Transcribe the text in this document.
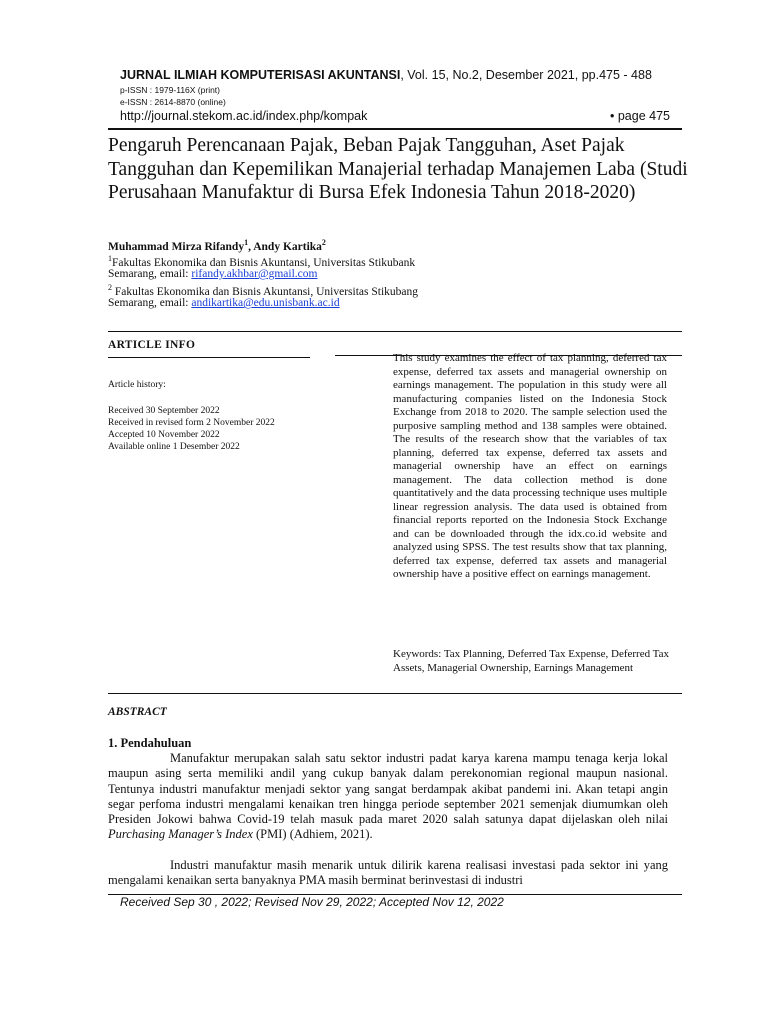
JURNAL ILMIAH KOMPUTERISASI AKUNTANSI, Vol. 15, No.2, Desember 2021, pp.475 - 488
p-ISSN : 1979-116X (print)
e-ISSN : 2614-8870 (online)
http://journal.stekom.ac.id/index.php/kompak	• page 475
Pengaruh Perencanaan Pajak, Beban Pajak Tangguhan, Aset Pajak Tangguhan dan Kepemilikan Manajerial terhadap Manajemen Laba (Studi Perusahaan Manufaktur di Bursa Efek Indonesia Tahun 2018-2020)
Muhammad Mirza Rifandy$^1$, Andy Kartika$^2$
$^1$Fakultas Ekonomika dan Bisnis Akuntansi, Universitas Stikubank
Semarang, email: rifandy.akhbar@gmail.com
$^2$ Fakultas Ekonomika dan Bisnis Akuntansi, Universitas Stikubang
Semarang, email: andikartika@edu.unisbank.ac.id
ARTICLE INFO
Article history:
Received 30 September 2022
Received in revised form 2 November 2022
Accepted 10 November 2022
Available online 1 Desember 2022
This study examines the effect of tax planning, deferred tax expense, deferred tax assets and managerial ownership on earnings management. The population in this study were all manufacturing companies listed on the Indonesia Stock Exchange from 2018 to 2020. The sample selection used the purposive sampling method and 138 samples were obtained. The results of the research show that the variables of tax planning, deferred tax expense, deferred tax assets and managerial ownership have an effect on earnings management. The data collection method is done quantitatively and the data processing technique uses multiple linear regression analysis. The data used is obtained from financial reports reported on the Indonesia Stock Exchange and can be downloaded through the idx.co.id website and analyzed using SPSS. The test results show that tax planning, deferred tax expense, deferred tax assets and managerial ownership have a positive effect on earnings management.
Keywords: Tax Planning, Deferred Tax Expense, Deferred Tax Assets, Managerial Ownership, Earnings Management
ABSTRACT
1. Pendahuluan
Manufaktur merupakan salah satu sektor industri padat karya karena mampu tenaga kerja lokal maupun asing serta memiliki andil yang cukup banyak dalam perekonomian regional maupun nasional. Tentunya industri manufaktur menjadi sektor yang sangat berdampak akibat pandemi ini. Akan tetapi angin segar perfoma industri mengalami kenaikan tren hingga periode september 2021 semenjak diumumkan oleh Presiden Jokowi bahwa Covid-19 telah masuk pada maret 2020 salah satunya dapat dijelaskan oleh nilai Purchasing Manager’s Index (PMI) (Adhiem, 2021).
Industri manufaktur masih menarik untuk dilirik karena realisasi investasi pada sektor ini yang mengalami kenaikan serta banyaknya PMA masih berminat berinvestasi di industri
Received Sep 30 , 2022; Revised Nov 29, 2022; Accepted Nov 12, 2022
